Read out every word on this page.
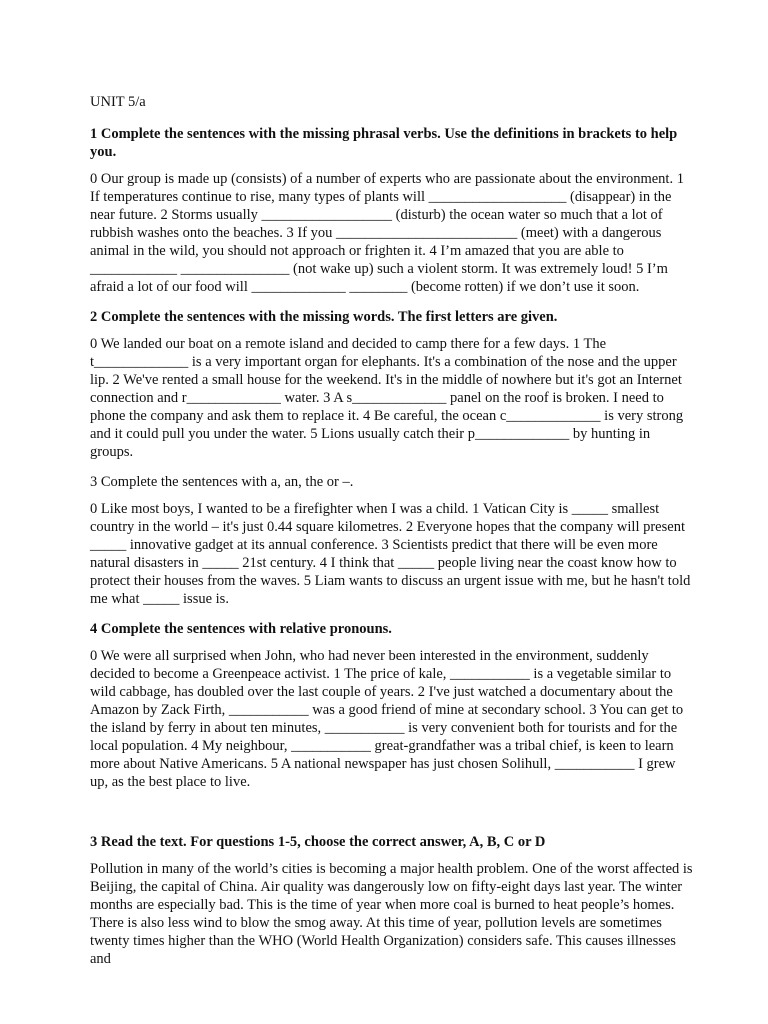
UNIT 5/a
1 Complete the sentences with the missing phrasal verbs. Use the definitions in brackets to help you.
0 Our group is made up (consists) of a number of experts who are passionate about the environment. 1 If temperatures continue to rise, many types of plants will ___________________ (disappear) in the near future. 2 Storms usually __________________ (disturb) the ocean water so much that a lot of rubbish washes onto the beaches. 3 If you _________________________ (meet) with a dangerous animal in the wild, you should not approach or frighten it. 4 I’m amazed that you are able to ____________ _______________ (not wake up) such a violent storm. It was extremely loud! 5 I’m afraid a lot of our food will _____________ ________ (become rotten) if we don’t use it soon.
2 Complete the sentences with the missing words. The first letters are given.
0 We landed our boat on a remote island and decided to camp there for a few days. 1 The t_____________ is a very important organ for elephants. It's a combination of the nose and the upper lip. 2 We've rented a small house for the weekend. It's in the middle of nowhere but it's got an Internet connection and r_____________ water. 3 A s_____________ panel on the roof is broken. I need to phone the company and ask them to replace it. 4 Be careful, the ocean c_____________ is very strong and it could pull you under the water. 5 Lions usually catch their p_____________ by hunting in groups.
3 Complete the sentences with a, an, the or –.
0 Like most boys, I wanted to be a firefighter when I was a child. 1 Vatican City is _____ smallest country in the world – it's just 0.44 square kilometres. 2 Everyone hopes that the company will present _____ innovative gadget at its annual conference. 3 Scientists predict that there will be even more natural disasters in _____ 21st century. 4 I think that _____ people living near the coast know how to protect their houses from the waves. 5 Liam wants to discuss an urgent issue with me, but he hasn't told me what _____ issue is.
4 Complete the sentences with relative pronouns.
0 We were all surprised when John, who had never been interested in the environment, suddenly decided to become a Greenpeace activist. 1 The price of kale, ___________ is a vegetable similar to wild cabbage, has doubled over the last couple of years. 2 I've just watched a documentary about the Amazon by Zack Firth, ___________ was a good friend of mine at secondary school. 3 You can get to the island by ferry in about ten minutes, ___________ is very convenient both for tourists and for the local population. 4 My neighbour, ___________ great-grandfather was a tribal chief, is keen to learn more about Native Americans. 5 A national newspaper has just chosen Solihull, ___________ I grew up, as the best place to live.
3 Read the text. For questions 1-5, choose the correct answer, A, B, C or D
Pollution in many of the world’s cities is becoming a major health problem. One of the worst affected is Beijing, the capital of China. Air quality was dangerously low on fifty-eight days last year. The winter months are especially bad. This is the time of year when more coal is burned to heat people’s homes. There is also less wind to blow the smog away. At this time of year, pollution levels are sometimes twenty times higher than the WHO (World Health Organization) considers safe. This causes illnesses and
